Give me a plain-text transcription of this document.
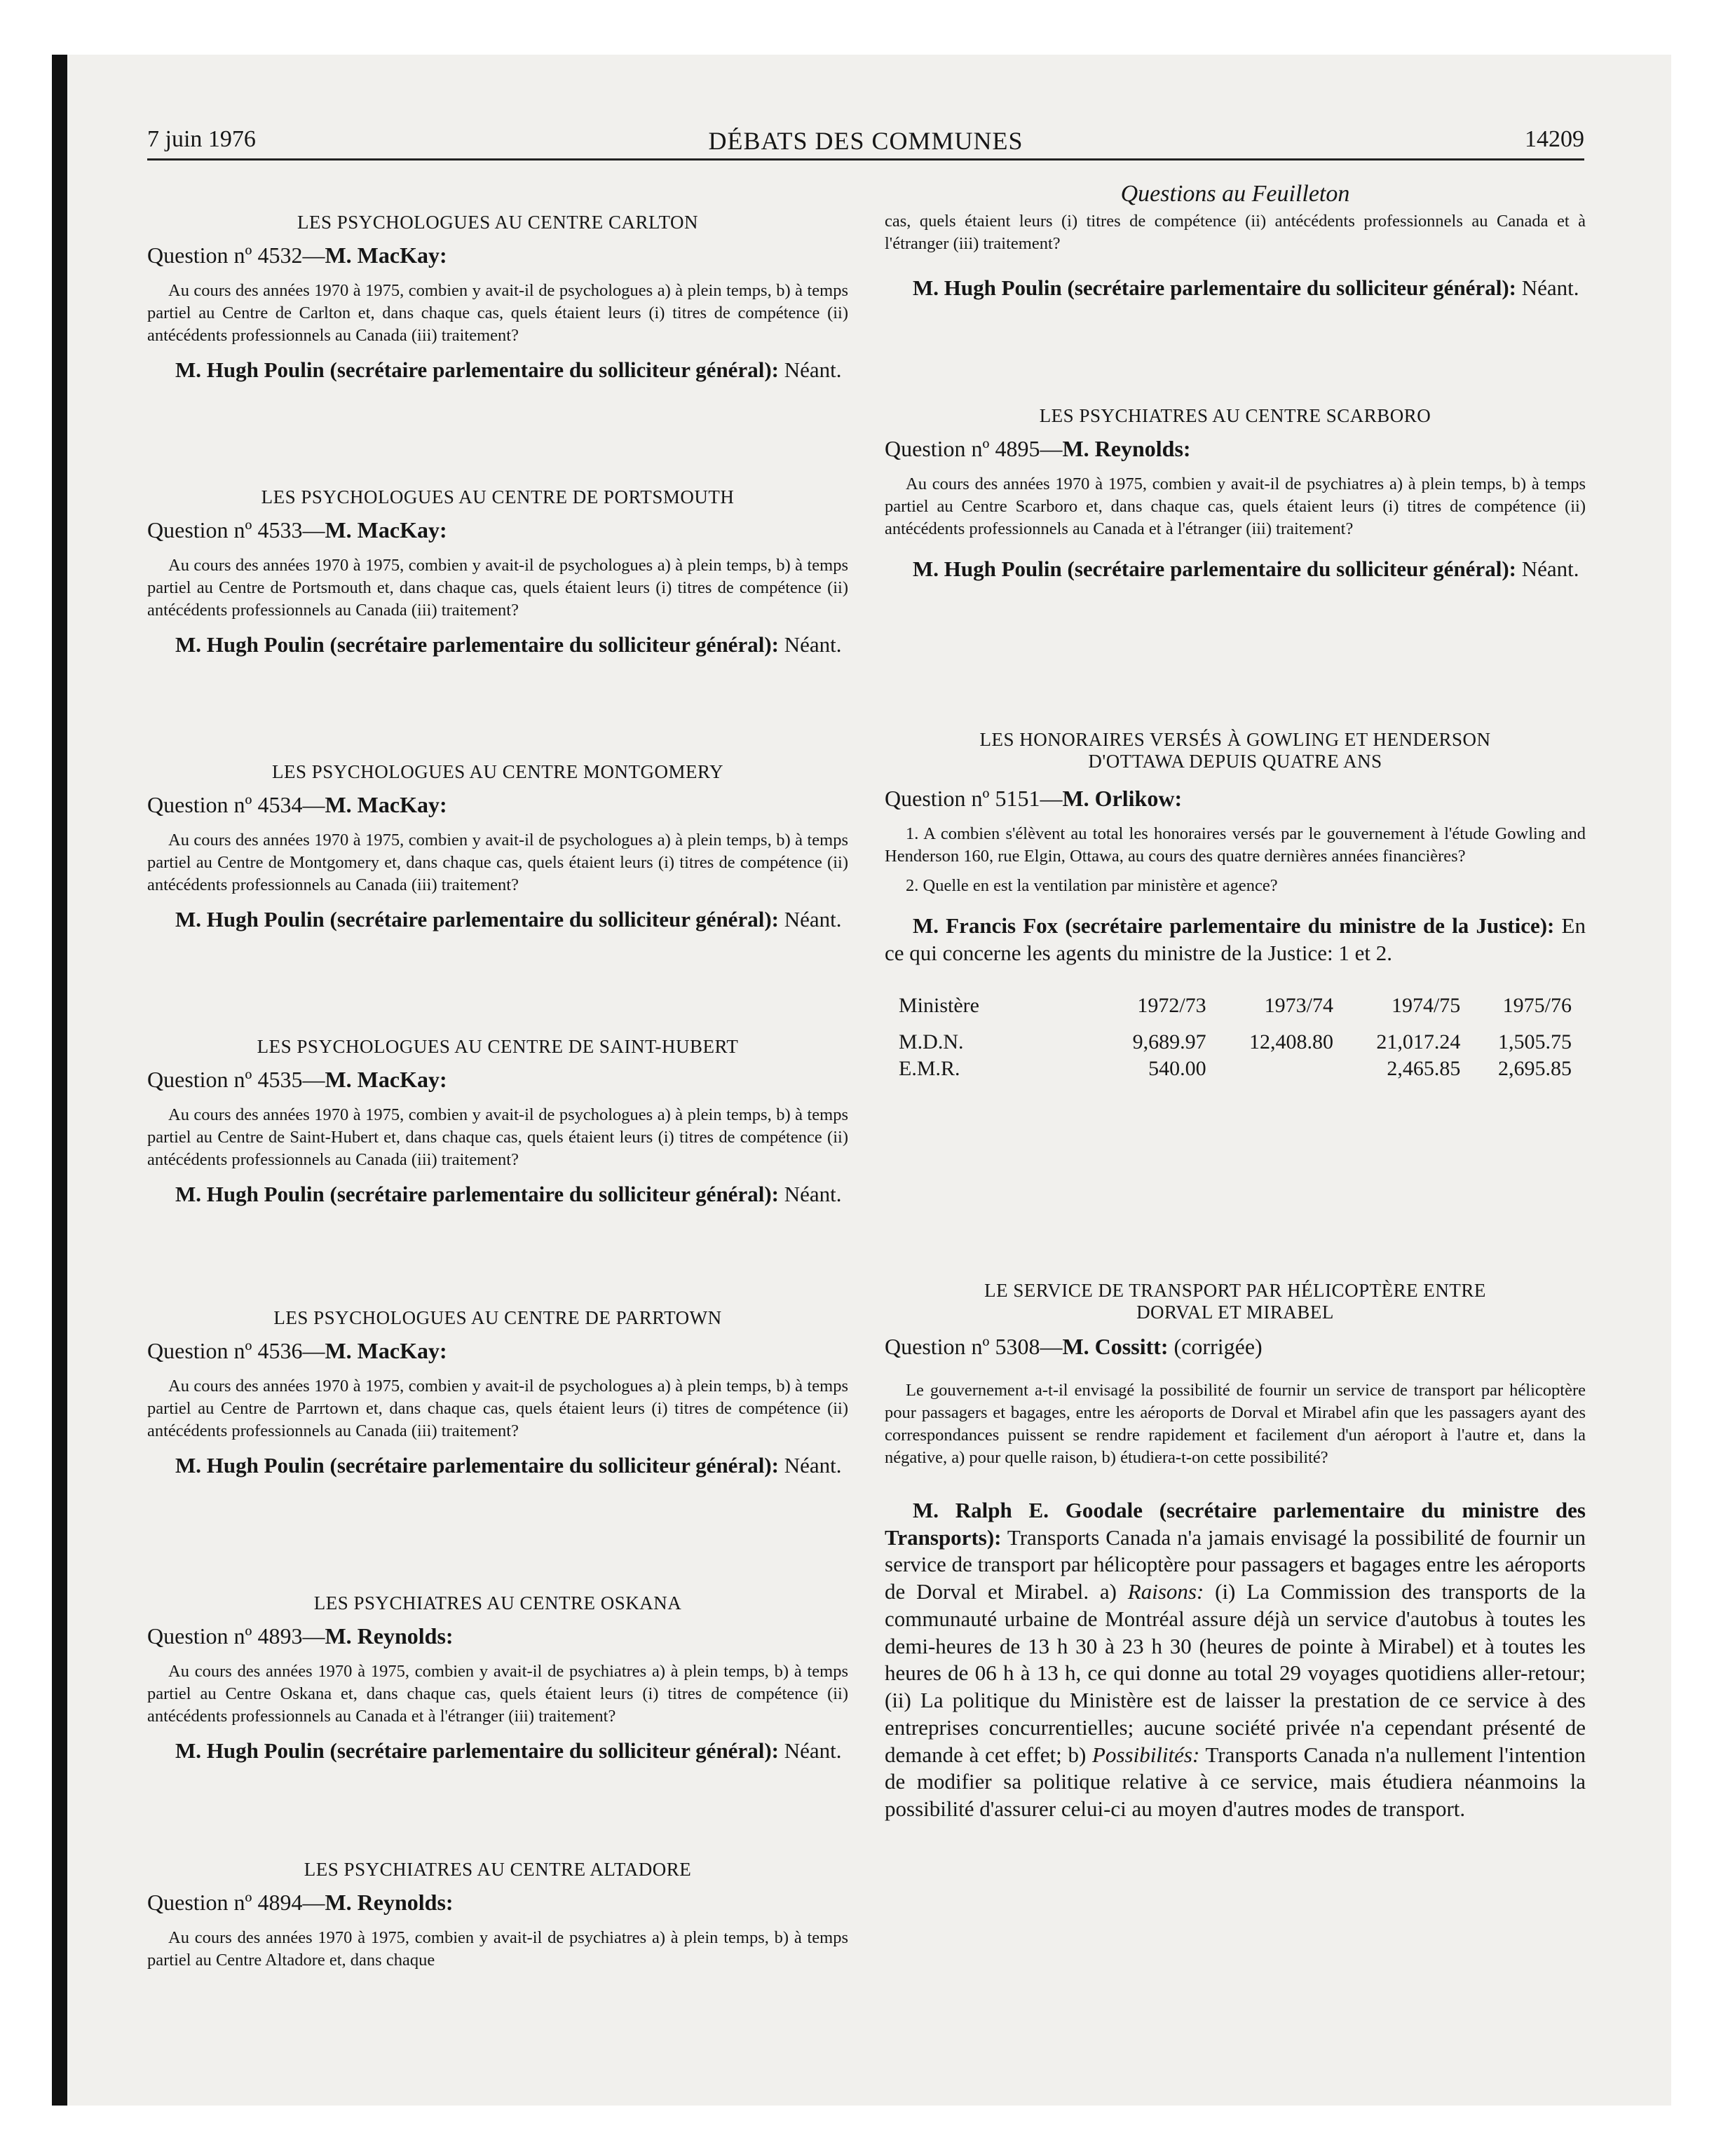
7 juin 1976	DÉBATS DES COMMUNES	14209
LES PSYCHOLOGUES AU CENTRE CARLTON
Question nº 4532—M. MacKay:

Au cours des années 1970 à 1975, combien y avait-il de psychologues a) à plein temps, b) à temps partiel au Centre de Carlton et, dans chaque cas, quels étaient leurs (i) titres de compétence (ii) antécédents professionnels au Canada (iii) traitement?

M. Hugh Poulin (secrétaire parlementaire du solliciteur général): Néant.

LES PSYCHOLOGUES AU CENTRE DE PORTSMOUTH
Question nº 4533—M. MacKay:

Au cours des années 1970 à 1975, combien y avait-il de psychologues a) à plein temps, b) à temps partiel au Centre de Portsmouth et, dans chaque cas, quels étaient leurs (i) titres de compétence (ii) antécédents professionnels au Canada (iii) traitement?

M. Hugh Poulin (secrétaire parlementaire du solliciteur général): Néant.

LES PSYCHOLOGUES AU CENTRE MONTGOMERY
Question nº 4534—M. MacKay:

Au cours des années 1970 à 1975, combien y avait-il de psychologues a) à plein temps, b) à temps partiel au Centre de Montgomery et, dans chaque cas, quels étaient leurs (i) titres de compétence (ii) antécédents professionnels au Canada (iii) traitement?

M. Hugh Poulin (secrétaire parlementaire du solliciteur général): Néant.

LES PSYCHOLOGUES AU CENTRE DE SAINT-HUBERT
Question nº 4535—M. MacKay:

Au cours des années 1970 à 1975, combien y avait-il de psychologues a) à plein temps, b) à temps partiel au Centre de Saint-Hubert et, dans chaque cas, quels étaient leurs (i) titres de compétence (ii) antécédents professionnels au Canada (iii) traitement?

M. Hugh Poulin (secrétaire parlementaire du solliciteur général): Néant.

LES PSYCHOLOGUES AU CENTRE DE PARRTOWN
Question nº 4536—M. MacKay:

Au cours des années 1970 à 1975, combien y avait-il de psychologues a) à plein temps, b) à temps partiel au Centre de Parrtown et, dans chaque cas, quels étaient leurs (i) titres de compétence (ii) antécédents professionnels au Canada (iii) traitement?

M. Hugh Poulin (secrétaire parlementaire du solliciteur général): Néant.

LES PSYCHIATRES AU CENTRE OSKANA
Question nº 4893—M. Reynolds:

Au cours des années 1970 à 1975, combien y avait-il de psychiatres a) à plein temps, b) à temps partiel au Centre Oskana et, dans chaque cas, quels étaient leurs (i) titres de compétence (ii) antécédents professionnels au Canada et à l'étranger (iii) traitement?

M. Hugh Poulin (secrétaire parlementaire du solliciteur général): Néant.

LES PSYCHIATRES AU CENTRE ALTADORE
Question nº 4894—M. Reynolds:

Au cours des années 1970 à 1975, combien y avait-il de psychiatres a) à plein temps, b) à temps partiel au Centre Altadore et, dans chaque

Questions au Feuilleton
cas, quels étaient leurs (i) titres de compétence (ii) antécédents professionnels au Canada et à l'étranger (iii) traitement?

M. Hugh Poulin (secrétaire parlementaire du solliciteur général): Néant.

LES PSYCHIATRES AU CENTRE SCARBORO
Question nº 4895—M. Reynolds:

Au cours des années 1970 à 1975, combien y avait-il de psychiatres a) à plein temps, b) à temps partiel au Centre Scarboro et, dans chaque cas, quels étaient leurs (i) titres de compétence (ii) antécédents professionnels au Canada et à l'étranger (iii) traitement?

M. Hugh Poulin (secrétaire parlementaire du solliciteur général): Néant.

LES HONORAIRES VERSÉS À GOWLING ET HENDERSON
D'OTTAWA DEPUIS QUATRE ANS
Question nº 5151—M. Orlikow:

1. A combien s'élèvent au total les honoraires versés par le gouvernement à l'étude Gowling and Henderson 160, rue Elgin, Ottawa, au cours des quatre dernières années financières?

2. Quelle en est la ventilation par ministère et agence?

M. Francis Fox (secrétaire parlementaire du ministre de la Justice): En ce qui concerne les agents du ministre de la Justice: 1 et 2.

Ministère	1972/73	1973/74	1974/75	1975/76
M.D.N.	9,689.97	12,408.80	21,017.24	1,505.75
E.M.R.	540.00		2,465.85	2,695.85
LE SERVICE DE TRANSPORT PAR HÉLICOPTÈRE ENTRE
DORVAL ET MIRABEL
Question nº 5308—M. Cossitt: (corrigée)

Le gouvernement a-t-il envisagé la possibilité de fournir un service de transport par hélicoptère pour passagers et bagages, entre les aéroports de Dorval et Mirabel afin que les passagers ayant des correspondances puissent se rendre rapidement et facilement d'un aéroport à l'autre et, dans la négative, a) pour quelle raison, b) étudiera-t-on cette possibilité?

M. Ralph E. Goodale (secrétaire parlementaire du ministre des Transports): Transports Canada n'a jamais envisagé la possibilité de fournir un service de transport par hélicoptère pour passagers et bagages entre les aéroports de Dorval et Mirabel. a) Raisons: (i) La Commission des transports de la communauté urbaine de Montréal assure déjà un service d'autobus à toutes les demi-heures de 13 h 30 à 23 h 30 (heures de pointe à Mirabel) et à toutes les heures de 06 h à 13 h, ce qui donne au total 29 voyages quotidiens aller-retour; (ii) La politique du Ministère est de laisser la prestation de ce service à des entreprises concurrentielles; aucune société privée n'a cependant présenté de demande à cet effet; b) Possibilités: Transports Canada n'a nullement l'intention de modifier sa politique relative à ce service, mais étudiera néanmoins la possibilité d'assurer celui-ci au moyen d'autres modes de transport.
